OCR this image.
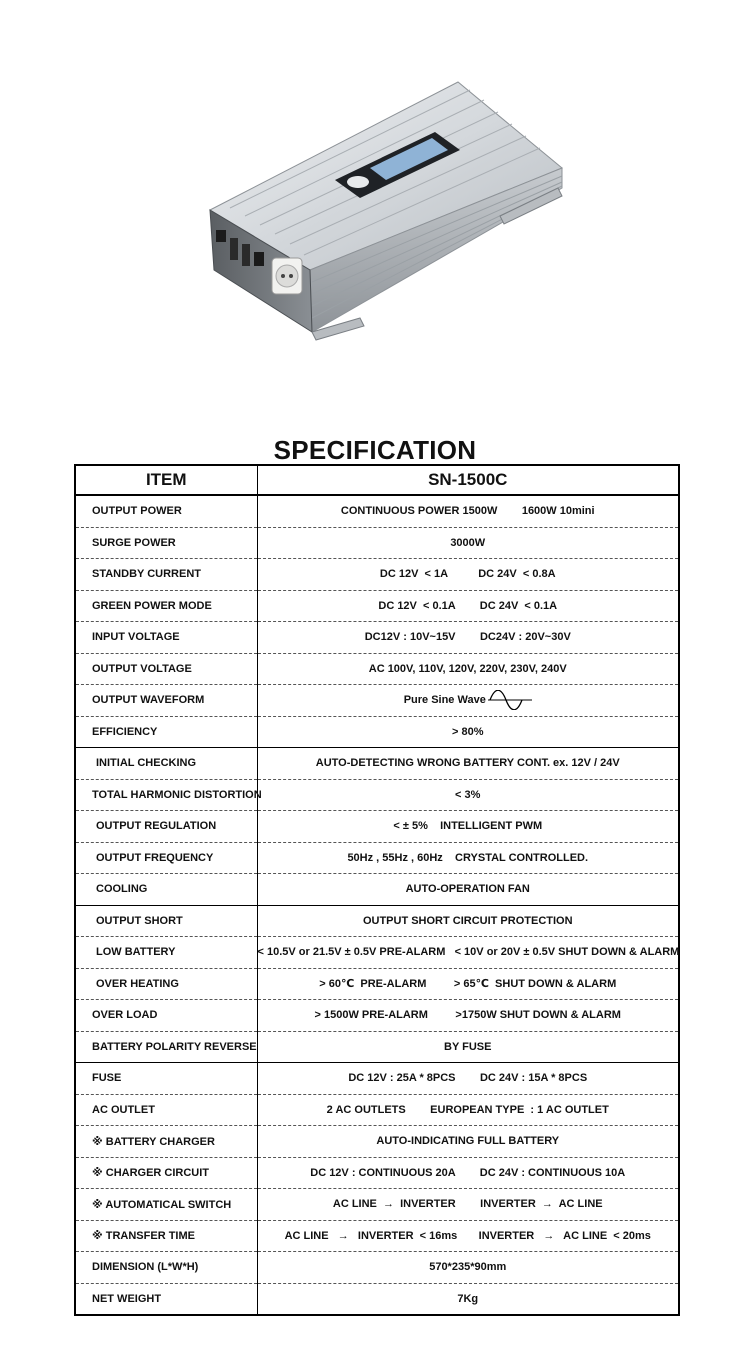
SPECIFICATION
ITEM	SN-1500C
OUTPUT POWER	CONTINUOUS POWER 1500W        1600W 10mini
SURGE POWER	3000W
STANDBY CURRENT	DC 12V  < 1A          DC 24V  < 0.8A
GREEN POWER MODE	DC 12V  < 0.1A        DC 24V  < 0.1A
INPUT VOLTAGE	DC12V : 10V~15V        DC24V : 20V~30V
OUTPUT VOLTAGE	AC 100V, 110V, 120V, 220V, 230V, 240V
OUTPUT WAVEFORM	Pure Sine Wave
EFFICIENCY	> 80%
INITIAL CHECKING	AUTO-DETECTING WRONG BATTERY CONT. ex. 12V / 24V
TOTAL HARMONIC DISTORTION	< 3%
OUTPUT REGULATION	< ± 5%    INTELLIGENT PWM
OUTPUT FREQUENCY	50Hz , 55Hz , 60Hz    CRYSTAL CONTROLLED.
COOLING	AUTO-OPERATION FAN
OUTPUT SHORT	OUTPUT SHORT CIRCUIT PROTECTION
LOW BATTERY	< 10.5V or 21.5V ± 0.5V PRE-ALARM   < 10V or 20V ± 0.5V SHUT DOWN & ALARM
OVER HEATING	> 60℃  PRE-ALARM         > 65℃  SHUT DOWN & ALARM
OVER LOAD	> 1500W PRE-ALARM         >1750W SHUT DOWN & ALARM
BATTERY POLARITY REVERSE	BY FUSE
FUSE	DC 12V : 25A * 8PCS        DC 24V : 15A * 8PCS
AC OUTLET	2 AC OUTLETS        EUROPEAN TYPE  : 1 AC OUTLET
※ BATTERY CHARGER	AUTO-INDICATING FULL BATTERY
※ CHARGER CIRCUIT	DC 12V : CONTINUOUS 20A        DC 24V : CONTINUOUS 10A
※ AUTOMATICAL SWITCH	AC LINE  →  INVERTER        INVERTER  →  AC LINE
※ TRANSFER TIME	AC LINE   →   INVERTER  < 16ms       INVERTER   →   AC LINE  < 20ms
DIMENSION (L*W*H)	570*235*90mm
NET WEIGHT	7Kg
